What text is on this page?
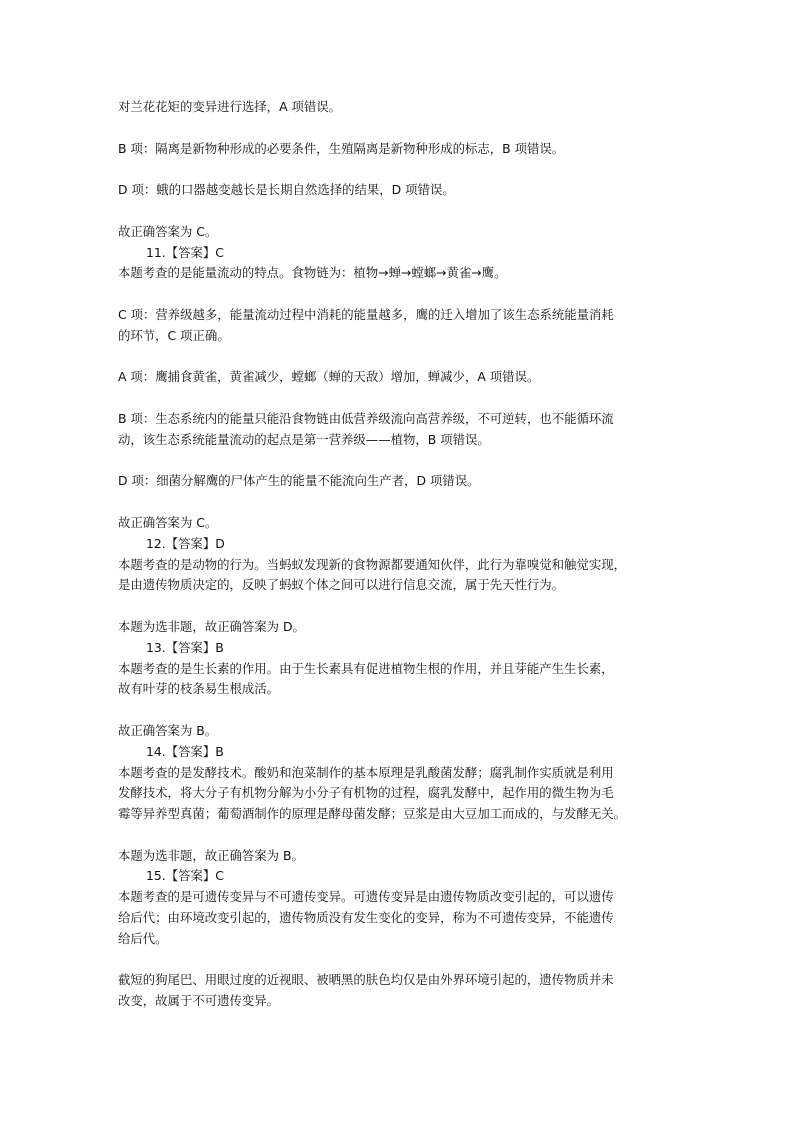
对兰花花矩的变异进行选择，A 项错误。
B 项：隔离是新物种形成的必要条件，生殖隔离是新物种形成的标志，B 项错误。
D 项：蛾的口器越变越长是长期自然选择的结果，D 项错误。
故正确答案为 C。
11.【答案】C
本题考查的是能量流动的特点。食物链为：植物→蝉→螳螂→黄雀→鹰。
C 项：营养级越多，能量流动过程中消耗的能量越多，鹰的迁入增加了该生态系统能量消耗
的环节，C 项正确。
A 项：鹰捕食黄雀，黄雀减少，螳螂（蝉的天敌）增加，蝉减少，A 项错误。
B 项：生态系统内的能量只能沿食物链由低营养级流向高营养级，不可逆转，也不能循环流
动，该生态系统能量流动的起点是第一营养级——植物，B 项错误。
D 项：细菌分解鹰的尸体产生的能量不能流向生产者，D 项错误。
故正确答案为 C。
12.【答案】D
本题考查的是动物的行为。当蚂蚁发现新的食物源都要通知伙伴，此行为靠嗅觉和触觉实现，
是由遗传物质决定的，反映了蚂蚁个体之间可以进行信息交流，属于先天性行为。
本题为选非题，故正确答案为 D。
13.【答案】B
本题考查的是生长素的作用。由于生长素具有促进植物生根的作用，并且芽能产生生长素，
故有叶芽的枝条易生根成活。
故正确答案为 B。
14.【答案】B
本题考查的是发酵技术。酸奶和泡菜制作的基本原理是乳酸菌发酵；腐乳制作实质就是利用
发酵技术，将大分子有机物分解为小分子有机物的过程，腐乳发酵中，起作用的微生物为毛
霉等异养型真菌；葡萄酒制作的原理是酵母菌发酵；豆浆是由大豆加工而成的，与发酵无关。
本题为选非题，故正确答案为 B。
15.【答案】C
本题考查的是可遗传变异与不可遗传变异。可遗传变异是由遗传物质改变引起的，可以遗传
给后代；由环境改变引起的，遗传物质没有发生变化的变异，称为不可遗传变异，不能遗传
给后代。
截短的狗尾巴、用眼过度的近视眼、被晒黑的肤色均仅是由外界环境引起的，遗传物质并未
改变，故属于不可遗传变异。
